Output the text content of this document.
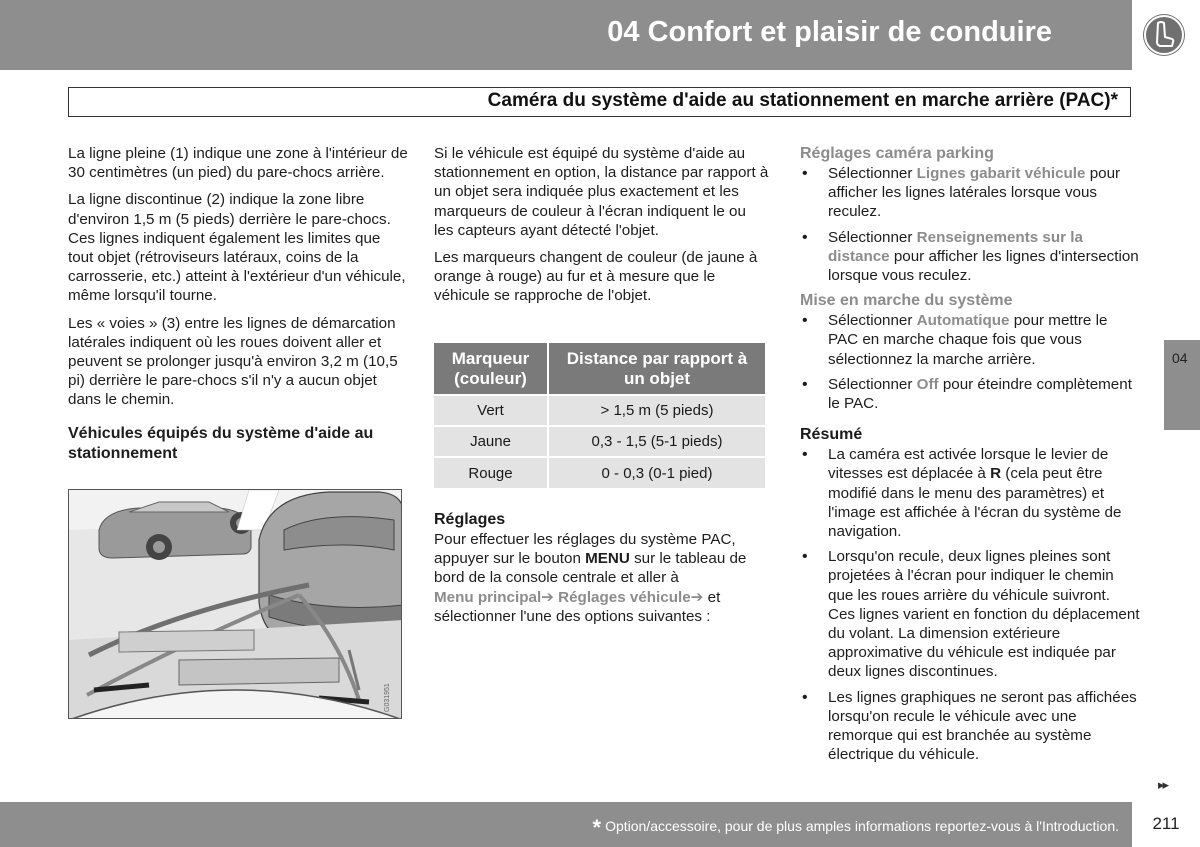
04 Confort et plaisir de conduire
Caméra du système d'aide au stationnement en marche arrière (PAC)*

La ligne pleine (1) indique une zone à l'intérieur de 30 centimètres (un pied) du pare-chocs arrière.

La ligne discontinue (2) indique la zone libre d'environ 1,5 m (5 pieds) derrière le pare-chocs. Ces lignes indiquent également les limites que tout objet (rétroviseurs latéraux, coins de la carrosserie, etc.) atteint à l'extérieur d'un véhicule, même lorsqu'il tourne.

Les « voies » (3) entre les lignes de démarcation latérales indiquent où les roues doivent aller et peuvent se prolonger jusqu'à environ 3,2 m (10,5 pi) derrière le pare-chocs s'il n'y a aucun objet dans le chemin.

Véhicules équipés du système d'aide au stationnement
G031951

Si le véhicule est équipé du système d'aide au stationnement en option, la distance par rapport à un objet sera indiquée plus exactement et les marqueurs de couleur à l'écran indiquent le ou les capteurs ayant détecté l'objet.

Les marqueurs changent de couleur (de jaune à orange à rouge) au fur et à mesure que le véhicule se rapproche de l'objet.

Marqueur (couleur)	Distance par rapport à un objet
Vert	> 1,5 m (5 pieds)
Jaune	0,3 - 1,5 (5-1 pieds)
Rouge	0 - 0,3 (0-1 pied)
Réglages

Pour effectuer les réglages du système PAC, appuyer sur le bouton MENU sur le tableau de bord de la console centrale et aller à
Menu principal➔ Réglages véhicule➔ et sélectionner l'une des options suivantes :

Réglages caméra parking
• Sélectionner Lignes gabarit véhicule pour afficher les lignes latérales lorsque vous reculez.
• Sélectionner Renseignements sur la distance pour afficher les lignes d'intersection lorsque vous reculez.
Mise en marche du système
• Sélectionner Automatique pour mettre le PAC en marche chaque fois que vous sélectionnez la marche arrière.
• Sélectionner Off pour éteindre complètement le PAC.
Résumé
• La caméra est activée lorsque le levier de vitesses est déplacée à R (cela peut être modifié dans le menu des paramètres) et l'image est affichée à l'écran du système de navigation.
• Lorsqu'on recule, deux lignes pleines sont projetées à l'écran pour indiquer le chemin que les roues arrière du véhicule suivront. Ces lignes varient en fonction du déplacement du volant. La dimension extérieure approximative du véhicule est indiquée par deux lignes discontinues.
• Les lignes graphiques ne seront pas affichées lorsqu'on recule le véhicule avec une remorque qui est branchée au système électrique du véhicule.
04
▸▸
* Option/accessoire, pour de plus amples informations reportez-vous à l'Introduction.	211
